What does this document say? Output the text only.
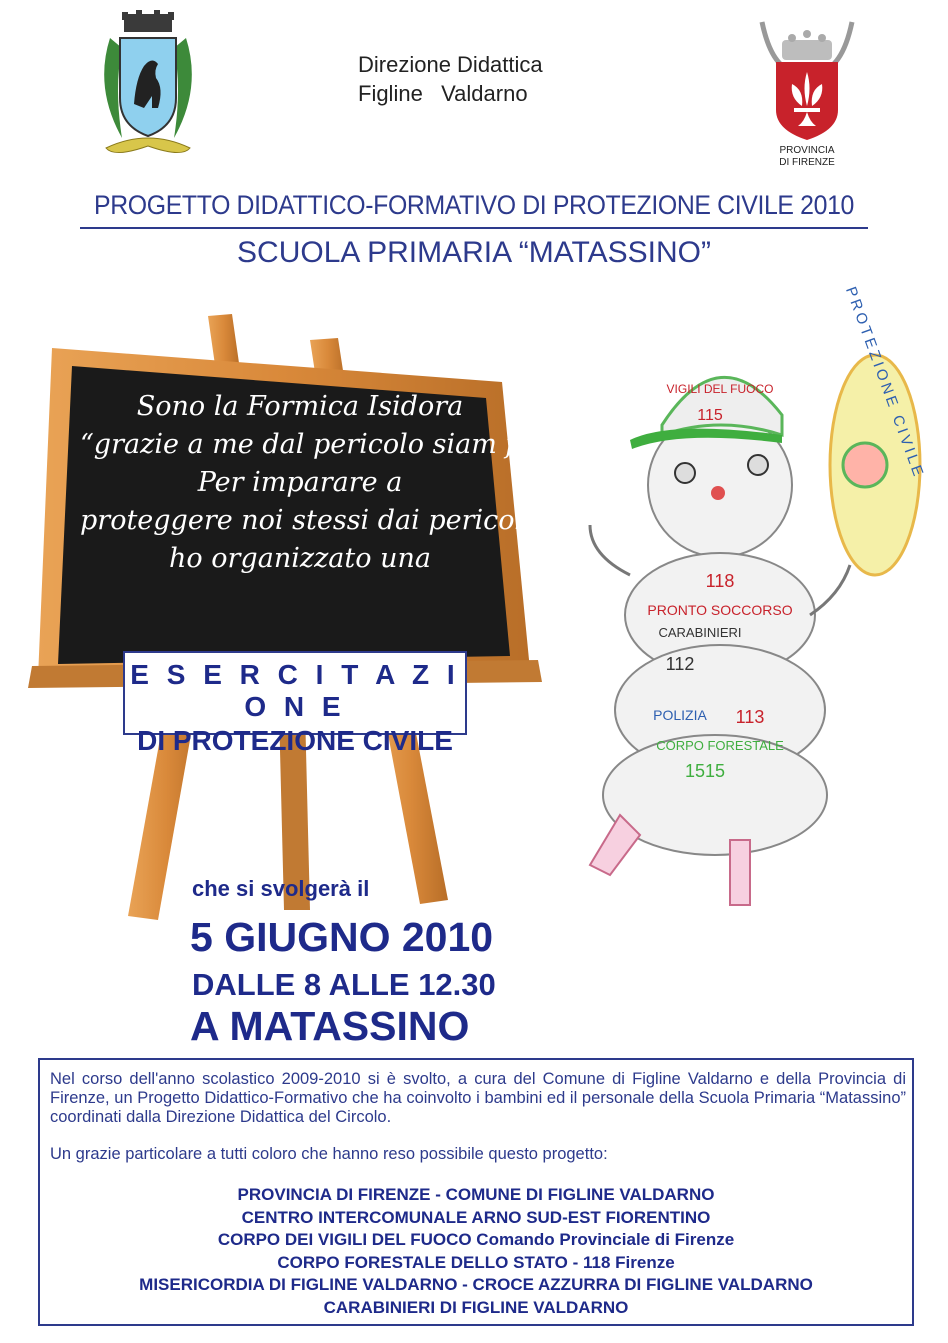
PROVINCIA
DI FIRENZE
Direzione Didattica
Figline   Valdarno
PROGETTO DIDATTICO-FORMATIVO DI PROTEZIONE CIVILE 2010
SCUOLA PRIMARIA “MATASSINO”
Sono la Formica Isidora
“grazie a me dal pericolo siam fora”.
Per imparare a
proteggere noi stessi dai pericoli,
ho organizzato una
E S E R C I T A Z I O N E
DI PROTEZIONE CIVILE
PROTEZIONE CIVILE
VIGILI DEL FUOCO
115
118
PRONTO SOCCORSO
CARABINIERI
112
POLIZIA 113
CORPO FORESTALE
1515
che si svolgerà il
5 GIUGNO 2010
DALLE 8 ALLE 12.30
A MATASSINO
Nel corso dell'anno scolastico 2009-2010 si è svolto, a cura del Comune di Figline Valdarno e della Provincia di Firenze, un Progetto Didattico-Formativo che ha coinvolto i bambini ed il personale della Scuola Primaria “Matassino” coordinati dalla Direzione Didattica del Circolo.
Un grazie particolare a tutti coloro che hanno reso possibile questo progetto:
PROVINCIA DI FIRENZE - COMUNE DI FIGLINE VALDARNO
CENTRO INTERCOMUNALE ARNO SUD-EST FIORENTINO
CORPO DEI VIGILI DEL FUOCO Comando Provinciale di Firenze
CORPO FORESTALE DELLO STATO - 118 Firenze
MISERICORDIA DI FIGLINE VALDARNO - CROCE AZZURRA DI FIGLINE VALDARNO
CARABINIERI DI FIGLINE VALDARNO
